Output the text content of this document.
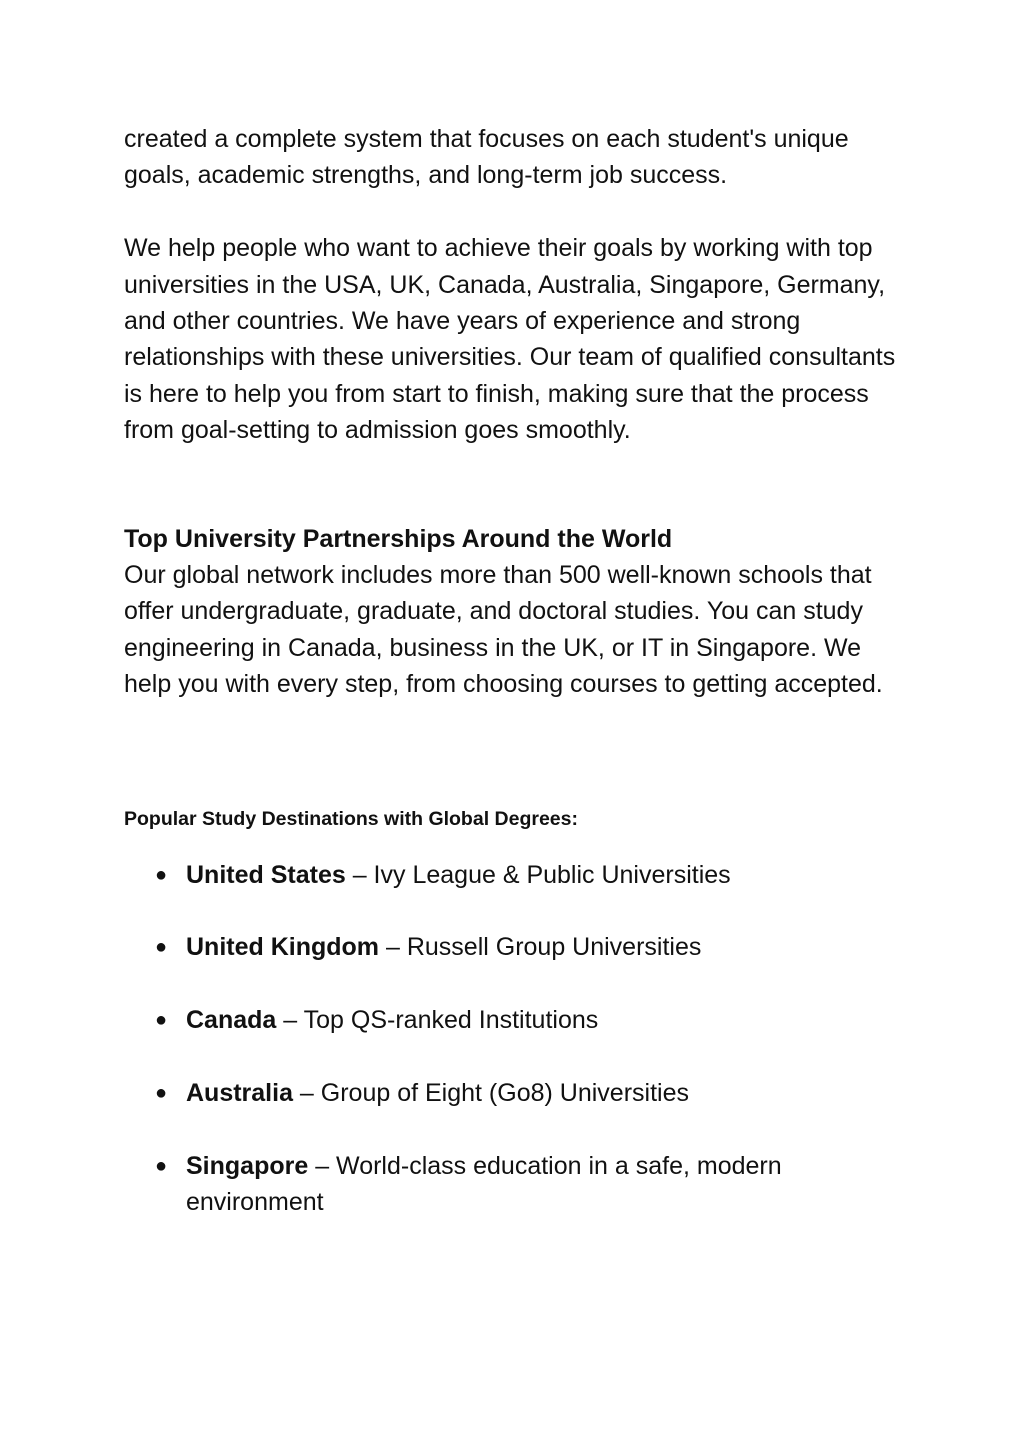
created a complete system that focuses on each student's unique goals, academic strengths, and long-term job success.

We help people who want to achieve their goals by working with top universities in the USA, UK, Canada, Australia, Singapore, Germany, and other countries. We have years of experience and strong relationships with these universities. Our team of qualified consultants is here to help you from start to finish, making sure that the process from goal-setting to admission goes smoothly.

Top University Partnerships Around the World

Our global network includes more than 500 well-known schools that offer undergraduate, graduate, and doctoral studies. You can study engineering in Canada, business in the UK, or IT in Singapore. We help you with every step, from choosing courses to getting accepted.

Popular Study Destinations with Global Degrees:
● United States – Ivy League & Public Universities
● United Kingdom – Russell Group Universities
● Canada – Top QS-ranked Institutions
● Australia – Group of Eight (Go8) Universities
● Singapore – World-class education in a safe, modern environment
